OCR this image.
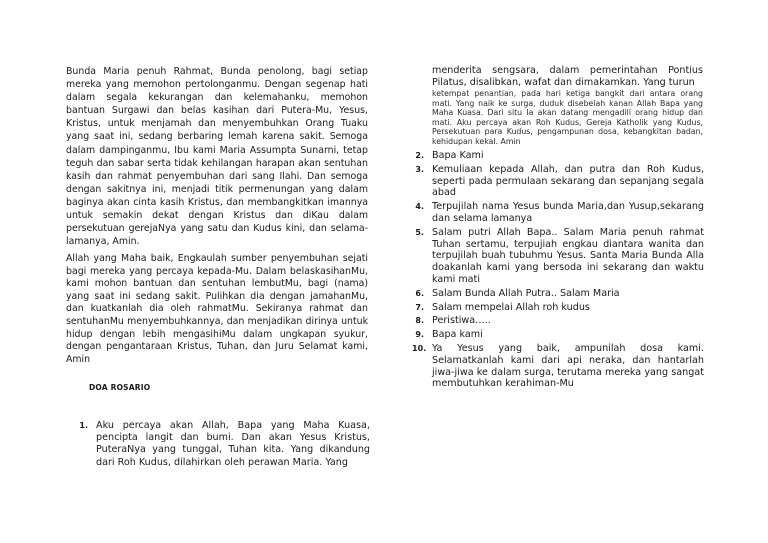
Bunda Maria penuh Rahmat, Bunda penolong, bagi setiap mereka yang memohon pertolonganmu. Dengan segenap hati dalam segala kekurangan dan kelemahanku, memohon bantuan Surgawi dan belas kasihan dari Putera-Mu, Yesus, Kristus, untuk menjamah dan menyembuhkan Orang Tuaku yang saat ini, sedang berbaring lemah karena sakit. Semoga dalam dampinganmu, Ibu kami Maria Assumpta Sunarni, tetap teguh dan sabar serta tidak kehilangan harapan akan sentuhan kasih dan rahmat penyembuhan dari sang Ilahi. Dan semoga dengan sakitnya ini, menjadi titik permenungan yang dalam baginya akan cinta kasih Kristus, dan membangkitkan imannya untuk semakin dekat dengan Kristus dan diKau dalam persekutuan gerejaNya yang satu dan Kudus kini, dan selama-lamanya, Amin.

Allah yang Maha baik, Engkaulah sumber penyembuhan sejati bagi mereka yang percaya kepada-Mu. Dalam belaskasihanMu, kami mohon bantuan dan sentuhan lembutMu, bagi (nama) yang saat ini sedang sakit. Pulihkan dia dengan jamahanMu, dan kuatkanlah dia oleh rahmatMu. Sekiranya rahmat dan sentuhanMu menyembuhkannya, dan menjadikan dirinya untuk hidup dengan lebih mengasihiMu dalam ungkapan syukur, dengan pengantaraan Kristus, Tuhan, dan Juru Selamat kami, Amin

DOA ROSARIO
1. Aku percaya akan Allah, Bapa yang Maha Kuasa, pencipta langit dan bumi. Dan akan Yesus Kristus, PuteraNya yang tunggal, Tuhan kita. Yang dikandung dari Roh Kudus, dilahirkan oleh perawan Maria. Yang

menderita sengsara, dalam pemerintahan Pontius Pilatus, disalibkan, wafat dan dimakamkan. Yang turun

ketempat penantian, pada hari ketiga bangkit dari antara orang mati. Yang naik ke surga, duduk disebelah kanan Allah Bapa yang Maha Kuasa. Dari situ Ia akan datang mengadili orang hidup dan mati. Aku percaya akan Roh Kudus, Gereja Katholik yang Kudus, Persekutuan para Kudus, pengampunan dosa, kebangkitan badan, kehidupan kekal. Amin

2. Bapa Kami
3. Kemuliaan kepada Allah, dan putra dan Roh Kudus, seperti pada permulaan sekarang dan sepanjang segala abad
4. Terpujilah nama Yesus bunda Maria,dan Yusup,sekarang dan selama lamanya
5. Salam putri Allah Bapa.. Salam Maria penuh rahmat Tuhan sertamu, terpujiah engkau diantara wanita dan terpujilah buah tubuhmu Yesus. Santa Maria Bunda Alla doakanlah kami yang bersoda ini sekarang dan waktu kami mati
6. Salam Bunda Allah Putra.. Salam Maria
7. Salam mempelai Allah roh kudus
8. Peristiwa…..
9. Bapa kami
10. Ya Yesus yang baik, ampunilah dosa kami. Selamatkanlah kami dari api neraka, dan hantarlah jiwa-jiwa ke dalam surga, terutama mereka yang sangat membutuhkan kerahiman-Mu
